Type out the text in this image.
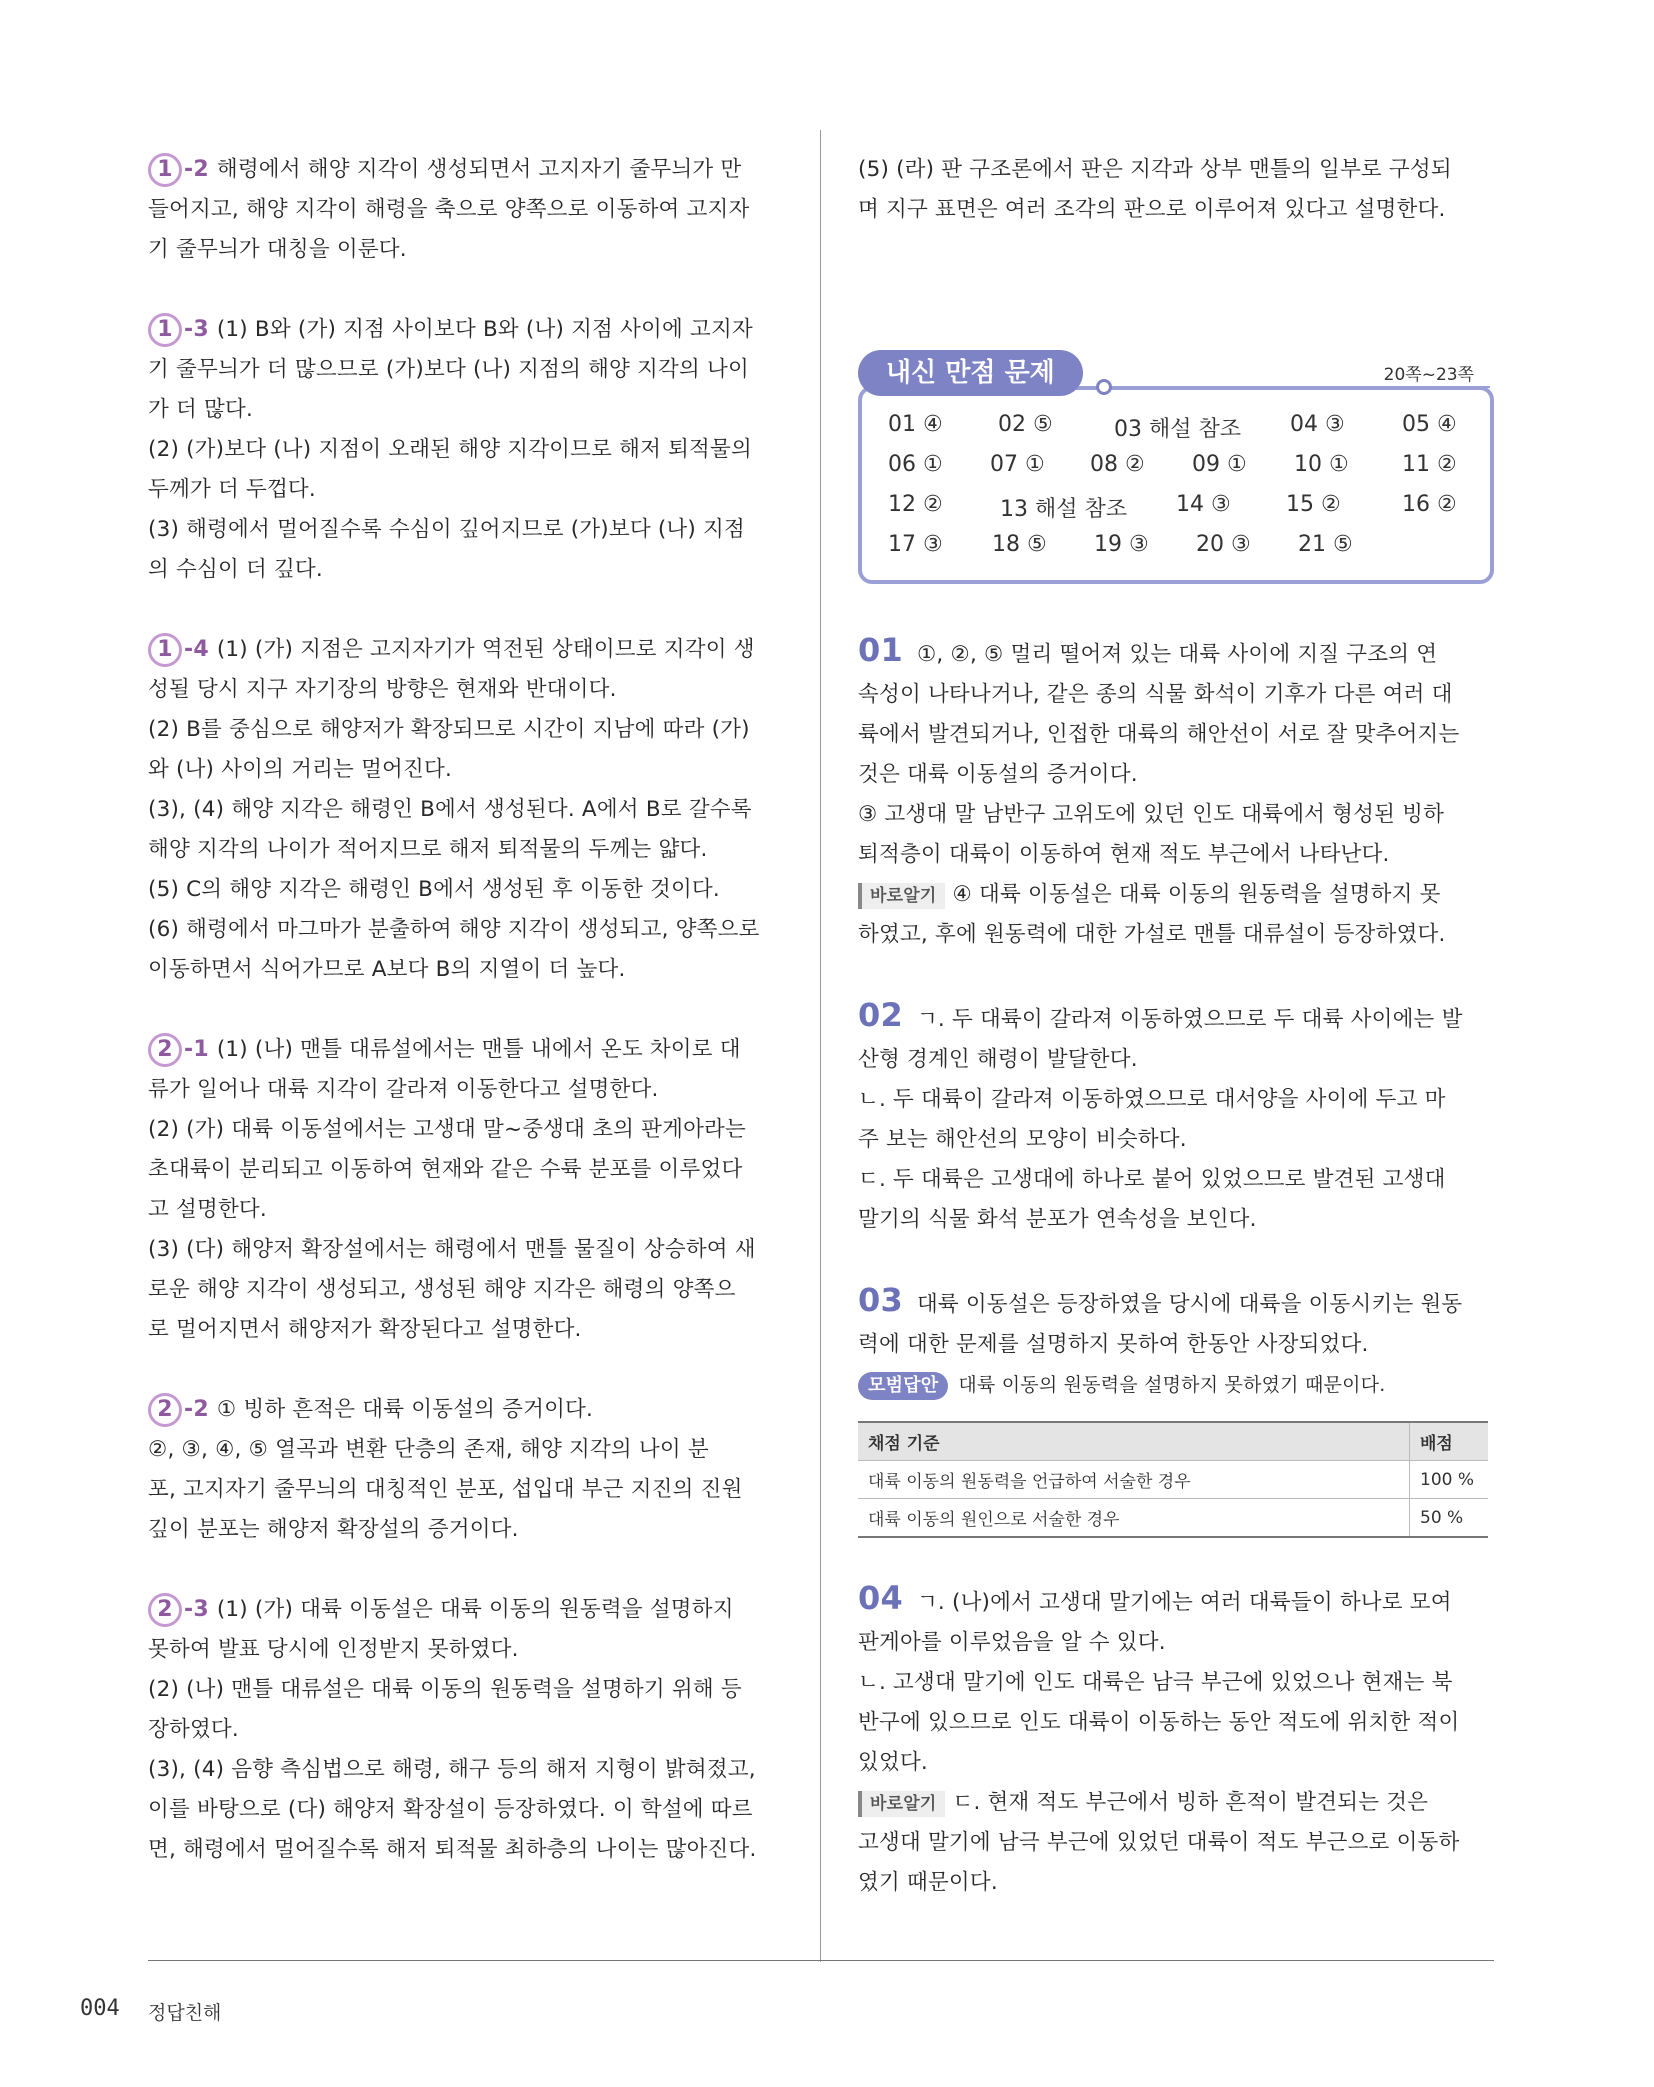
1 -2 해령에서 해양 지각이 생성되면서 고지자기 줄무늬가 만

들어지고, 해양 지각이 해령을 축으로 양쪽으로 이동하여 고지자

기 줄무늬가 대칭을 이룬다.

1 -3 (1) B와 (가) 지점 사이보다 B와 (나) 지점 사이에 고지자

기 줄무늬가 더 많으므로 (가)보다 (나) 지점의 해양 지각의 나이

가 더 많다.

(2) (가)보다 (나) 지점이 오래된 해양 지각이므로 해저 퇴적물의

두께가 더 두껍다.

(3) 해령에서 멀어질수록 수심이 깊어지므로 (가)보다 (나) 지점

의 수심이 더 깊다.

1 -4 (1) (가) 지점은 고지자기가 역전된 상태이므로 지각이 생

성될 당시 지구 자기장의 방향은 현재와 반대이다.

(2) B를 중심으로 해양저가 확장되므로 시간이 지남에 따라 (가)

와 (나) 사이의 거리는 멀어진다.

(3), (4) 해양 지각은 해령인 B에서 생성된다. A에서 B로 갈수록

해양 지각의 나이가 적어지므로 해저 퇴적물의 두께는 얇다.

(5) C의 해양 지각은 해령인 B에서 생성된 후 이동한 것이다.

(6) 해령에서 마그마가 분출하여 해양 지각이 생성되고, 양쪽으로

이동하면서 식어가므로 A보다 B의 지열이 더 높다.

2 -1 (1) (나) 맨틀 대류설에서는 맨틀 내에서 온도 차이로 대

류가 일어나 대륙 지각이 갈라져 이동한다고 설명한다.

(2) (가) 대륙 이동설에서는 고생대 말~중생대 초의 판게아라는

초대륙이 분리되고 이동하여 현재와 같은 수륙 분포를 이루었다

고 설명한다.

(3) (다) 해양저 확장설에서는 해령에서 맨틀 물질이 상승하여 새

로운 해양 지각이 생성되고, 생성된 해양 지각은 해령의 양쪽으

로 멀어지면서 해양저가 확장된다고 설명한다.

2 -2 ① 빙하 흔적은 대륙 이동설의 증거이다.

②, ③, ④, ⑤ 열곡과 변환 단층의 존재, 해양 지각의 나이 분

포, 고지자기 줄무늬의 대칭적인 분포, 섭입대 부근 지진의 진원

깊이 분포는 해양저 확장설의 증거이다.

2 -3 (1) (가) 대륙 이동설은 대륙 이동의 원동력을 설명하지

못하여 발표 당시에 인정받지 못하였다.

(2) (나) 맨틀 대류설은 대륙 이동의 원동력을 설명하기 위해 등

장하였다.

(3), (4) 음향 측심법으로 해령, 해구 등의 해저 지형이 밝혀졌고,

이를 바탕으로 (다) 해양저 확장설이 등장하였다. 이 학설에 따르

면, 해령에서 멀어질수록 해저 퇴적물 최하층의 나이는 많아진다.

(5) (라) 판 구조론에서 판은 지각과 상부 맨틀의 일부로 구성되

며 지구 표면은 여러 조각의 판으로 이루어져 있다고 설명한다.

01 ④	02 ⑤	03 해설 참조 04 ③	05 ④
06 ① 07 ① 08 ② 09 ① 10 ① 11 ②
12 ②	13 해설 참조 14 ③	15 ②	16 ②
17 ③ 18 ⑤ 19 ③ 20 ③ 21 ⑤
내신 만점 문제	20쪽~23쪽

01 ①, ②, ⑤ 멀리 떨어져 있는 대륙 사이에 지질 구조의 연

속성이 나타나거나, 같은 종의 식물 화석이 기후가 다른 여러 대

륙에서 발견되거나, 인접한 대륙의 해안선이 서로 잘 맞추어지는

것은 대륙 이동설의 증거이다.

③ 고생대 말 남반구 고위도에 있던 인도 대륙에서 형성된 빙하

퇴적층이 대륙이 이동하여 현재 적도 부근에서 나타난다.

바로알기 ④ 대륙 이동설은 대륙 이동의 원동력을 설명하지 못

하였고, 후에 원동력에 대한 가설로 맨틀 대류설이 등장하였다.

02 ㄱ. 두 대륙이 갈라져 이동하였으므로 두 대륙 사이에는 발

산형 경계인 해령이 발달한다.

ㄴ. 두 대륙이 갈라져 이동하였으므로 대서양을 사이에 두고 마

주 보는 해안선의 모양이 비슷하다.

ㄷ. 두 대륙은 고생대에 하나로 붙어 있었으므로 발견된 고생대

말기의 식물 화석 분포가 연속성을 보인다.

03 대륙 이동설은 등장하였을 당시에 대륙을 이동시키는 원동

력에 대한 문제를 설명하지 못하여 한동안 사장되었다.

모범답안 대륙 이동의 원동력을 설명하지 못하였기 때문이다.

채점 기준	배점
대륙 이동의 원동력을 언급하여 서술한 경우	100 %
대륙 이동의 원인으로 서술한 경우	50 %

04 ㄱ. (나)에서 고생대 말기에는 여러 대륙들이 하나로 모여

판게아를 이루었음을 알 수 있다.

ㄴ. 고생대 말기에 인도 대륙은 남극 부근에 있었으나 현재는 북

반구에 있으므로 인도 대륙이 이동하는 동안 적도에 위치한 적이

있었다.

바로알기 ㄷ. 현재 적도 부근에서 빙하 흔적이 발견되는 것은

고생대 말기에 남극 부근에 있었던 대륙이 적도 부근으로 이동하

였기 때문이다.

004 정답친해
